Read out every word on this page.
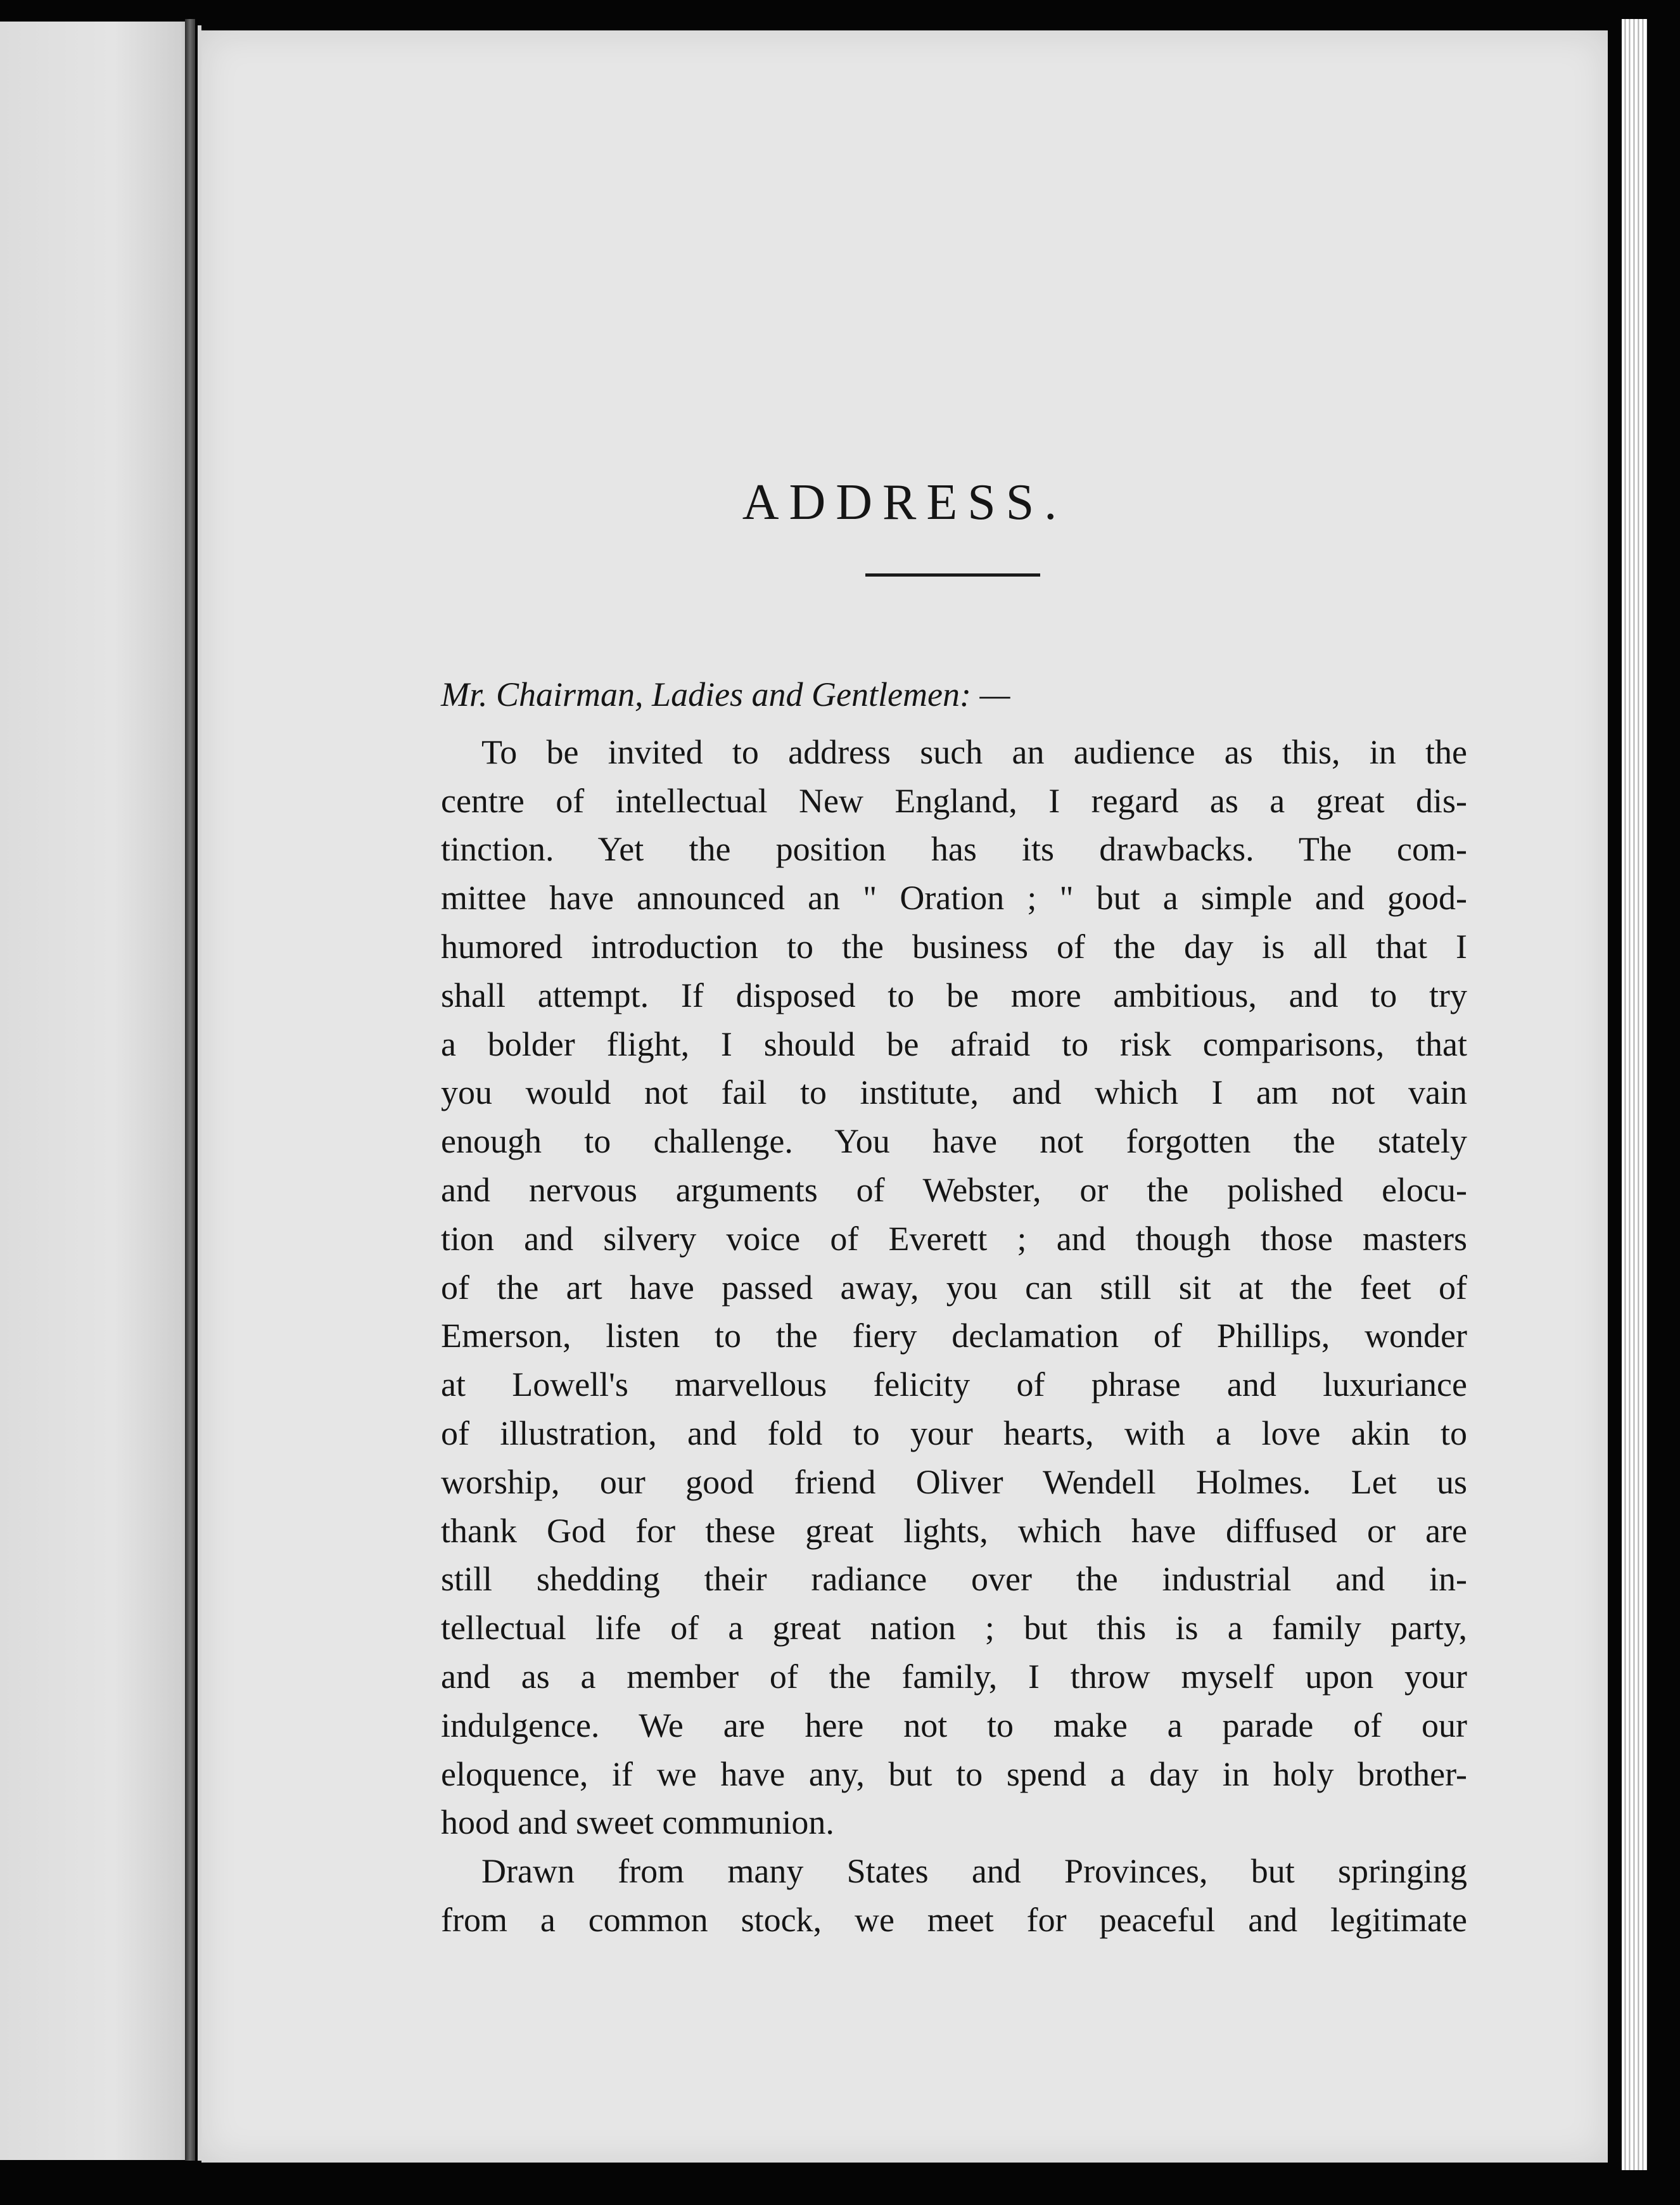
ADDRESS.
Mr. Chairman, Ladies and Gentlemen: —
To be invited to address such an audience as this, in the
centre of intellectual New England, I regard as a great dis-
tinction. Yet the position has its drawbacks. The com-
mittee have announced an " Oration ; " but a simple and good-
humored introduction to the business of the day is all that I
shall attempt. If disposed to be more ambitious, and to try
a bolder flight, I should be afraid to risk comparisons, that
you would not fail to institute, and which I am not vain
enough to challenge. You have not forgotten the stately
and nervous arguments of Webster, or the polished elocu-
tion and silvery voice of Everett ; and though those masters
of the art have passed away, you can still sit at the feet of
Emerson, listen to the fiery declamation of Phillips, wonder
at Lowell's marvellous felicity of phrase and luxuriance
of illustration, and fold to your hearts, with a love akin to
worship, our good friend Oliver Wendell Holmes. Let us
thank God for these great lights, which have diffused or are
still shedding their radiance over the industrial and in-
tellectual life of a great nation ; but this is a family party,
and as a member of the family, I throw myself upon your
indulgence. We are here not to make a parade of our
eloquence, if we have any, but to spend a day in holy brother-
hood and sweet communion.
Drawn from many States and Provinces, but springing
from a common stock, we meet for peaceful and legitimate
